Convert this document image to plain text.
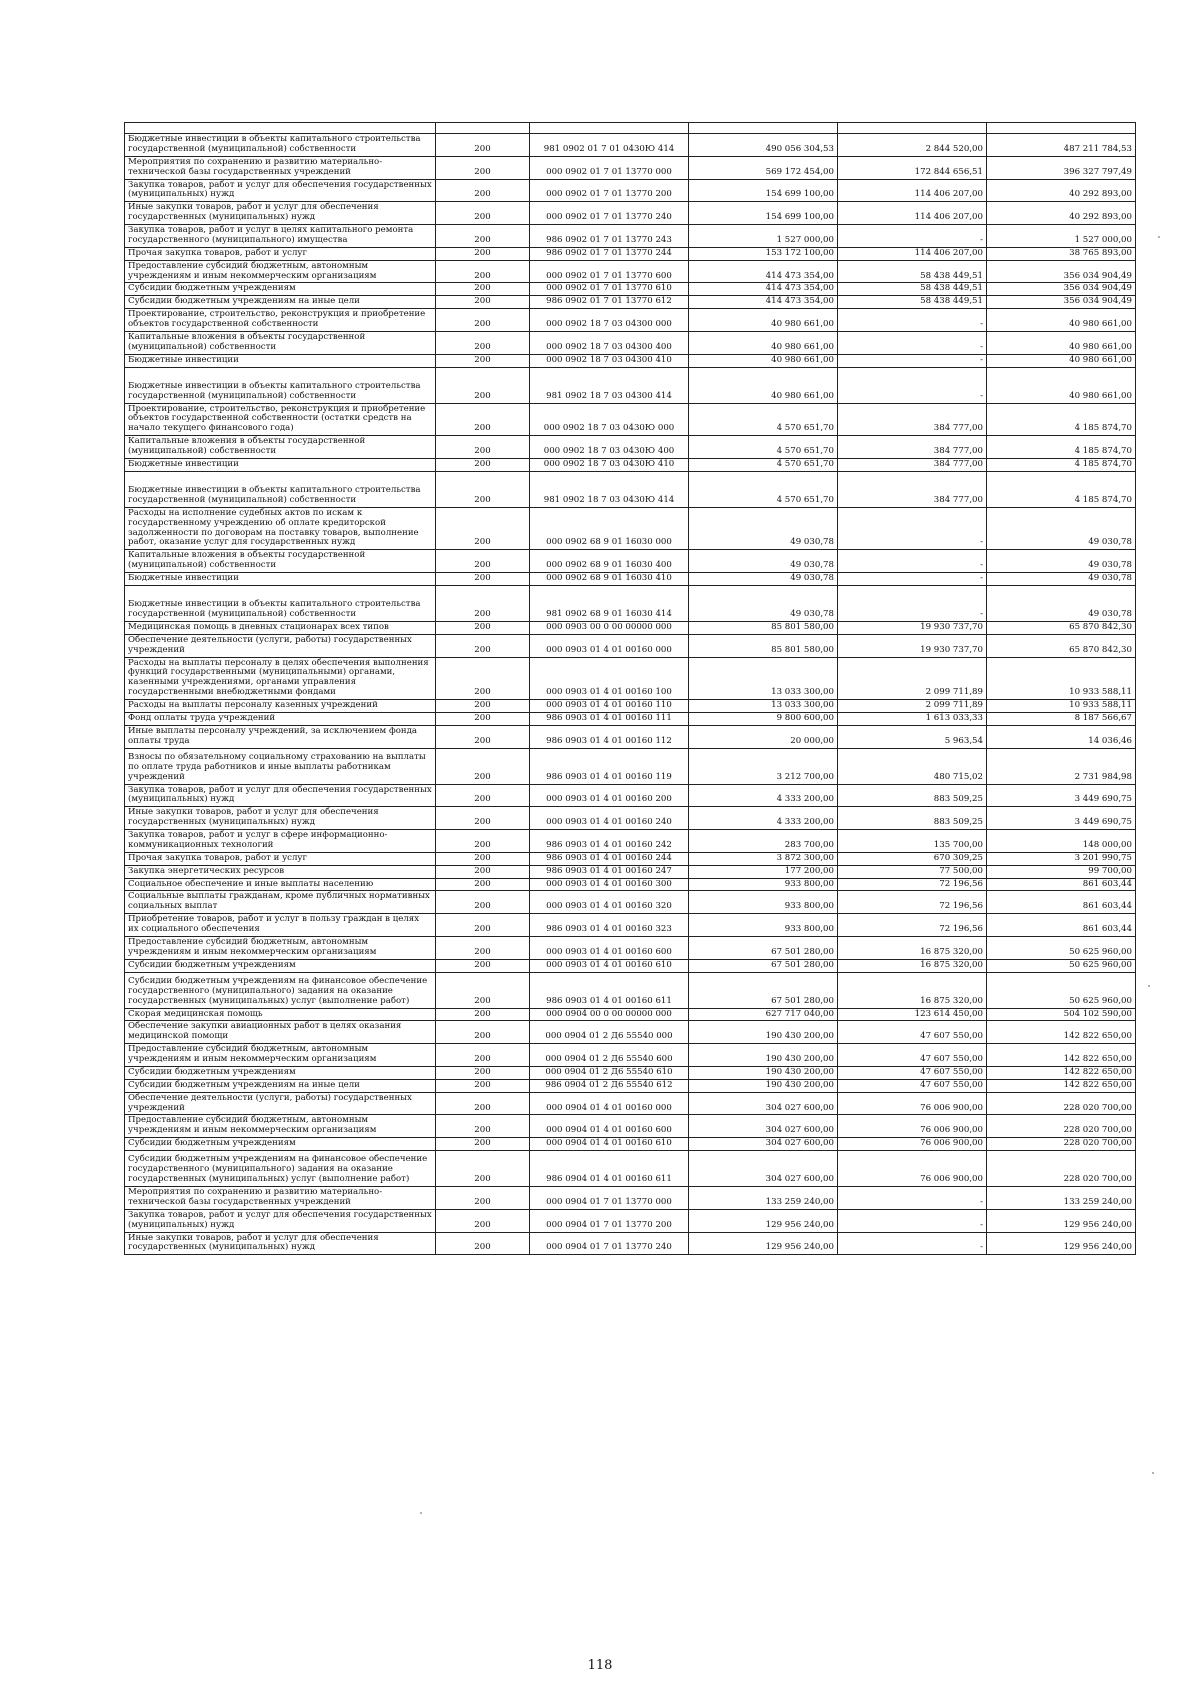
Бюджетные инвестиции в объекты капитального строительства государственной (муниципальной) собственности	200	981 0902 01 7 01 0430Ю 414	490 056 304,53	2 844 520,00	487 211 784,53
Мероприятия по сохранению и развитию материально-технической базы государственных учреждений	200	000 0902 01 7 01 13770 000	569 172 454,00	172 844 656,51	396 327 797,49
Закупка товаров, работ и услуг для обеспечения государственных (муниципальных) нужд	200	000 0902 01 7 01 13770 200	154 699 100,00	114 406 207,00	40 292 893,00
Иные закупки товаров, работ и услуг для обеспечения государственных (муниципальных) нужд	200	000 0902 01 7 01 13770 240	154 699 100,00	114 406 207,00	40 292 893,00
Закупка товаров, работ и услуг в целях капитального ремонта государственного (муниципального) имущества	200	986 0902 01 7 01 13770 243	1 527 000,00	-	1 527 000,00
Прочая закупка товаров, работ и услуг	200	986 0902 01 7 01 13770 244	153 172 100,00	114 406 207,00	38 765 893,00
Предоставление субсидий бюджетным, автономным учреждениям и иным некоммерческим организациям	200	000 0902 01 7 01 13770 600	414 473 354,00	58 438 449,51	356 034 904,49
Субсидии бюджетным учреждениям	200	000 0902 01 7 01 13770 610	414 473 354,00	58 438 449,51	356 034 904,49
Субсидии бюджетным учреждениям на иные цели	200	986 0902 01 7 01 13770 612	414 473 354,00	58 438 449,51	356 034 904,49
Проектирование, строительство, реконструкция и приобретение объектов государственной собственности	200	000 0902 18 7 03 04300 000	40 980 661,00	-	40 980 661,00
Капитальные вложения в объекты государственной (муниципальной) собственности	200	000 0902 18 7 03 04300 400	40 980 661,00	-	40 980 661,00
Бюджетные инвестиции	200	000 0902 18 7 03 04300 410	40 980 661,00	-	40 980 661,00
Бюджетные инвестиции в объекты капитального строительства государственной (муниципальной) собственности	200	981 0902 18 7 03 04300 414	40 980 661,00	-	40 980 661,00
Проектирование, строительство, реконструкция и приобретение объектов государственной собственности (остатки средств на начало текущего финансового года)	200	000 0902 18 7 03 0430Ю 000	4 570 651,70	384 777,00	4 185 874,70
Капитальные вложения в объекты государственной (муниципальной) собственности	200	000 0902 18 7 03 0430Ю 400	4 570 651,70	384 777,00	4 185 874,70
Бюджетные инвестиции	200	000 0902 18 7 03 0430Ю 410	4 570 651,70	384 777,00	4 185 874,70
Бюджетные инвестиции в объекты капитального строительства государственной (муниципальной) собственности	200	981 0902 18 7 03 0430Ю 414	4 570 651,70	384 777,00	4 185 874,70
Расходы на исполнение судебных актов по искам к государственному учреждению об оплате кредиторской задолженности по договорам на поставку товаров, выполнение работ, оказание услуг для государственных нужд	200	000 0902 68 9 01 16030 000	49 030,78	-	49 030,78
Капитальные вложения в объекты государственной (муниципальной) собственности	200	000 0902 68 9 01 16030 400	49 030,78	-	49 030,78
Бюджетные инвестиции	200	000 0902 68 9 01 16030 410	49 030,78	-	49 030,78
Бюджетные инвестиции в объекты капитального строительства государственной (муниципальной) собственности	200	981 0902 68 9 01 16030 414	49 030,78	-	49 030,78
Медицинская помощь в дневных стационарах всех типов	200	000 0903 00 0 00 00000 000	85 801 580,00	19 930 737,70	65 870 842,30
Обеспечение деятельности (услуги, работы) государственных учреждений	200	000 0903 01 4 01 00160 000	85 801 580,00	19 930 737,70	65 870 842,30
Расходы на выплаты персоналу в целях обеспечения выполнения функций государственными (муниципальными) органами, казенными учреждениями, органами управления государственными внебюджетными фондами	200	000 0903 01 4 01 00160 100	13 033 300,00	2 099 711,89	10 933 588,11
Расходы на выплаты персоналу казенных учреждений	200	000 0903 01 4 01 00160 110	13 033 300,00	2 099 711,89	10 933 588,11
Фонд оплаты труда учреждений	200	986 0903 01 4 01 00160 111	9 800 600,00	1 613 033,33	8 187 566,67
Иные выплаты персоналу учреждений, за исключением фонда оплаты труда	200	986 0903 01 4 01 00160 112	20 000,00	5 963,54	14 036,46
Взносы по обязательному социальному страхованию на выплаты по оплате труда работников и иные выплаты работникам учреждений	200	986 0903 01 4 01 00160 119	3 212 700,00	480 715,02	2 731 984,98
Закупка товаров, работ и услуг для обеспечения государственных (муниципальных) нужд	200	000 0903 01 4 01 00160 200	4 333 200,00	883 509,25	3 449 690,75
Иные закупки товаров, работ и услуг для обеспечения государственных (муниципальных) нужд	200	000 0903 01 4 01 00160 240	4 333 200,00	883 509,25	3 449 690,75
Закупка товаров, работ и услуг в сфере информационно-коммуникационных технологий	200	986 0903 01 4 01 00160 242	283 700,00	135 700,00	148 000,00
Прочая закупка товаров, работ и услуг	200	986 0903 01 4 01 00160 244	3 872 300,00	670 309,25	3 201 990,75
Закупка энергетических ресурсов	200	986 0903 01 4 01 00160 247	177 200,00	77 500,00	99 700,00
Социальное обеспечение и иные выплаты населению	200	000 0903 01 4 01 00160 300	933 800,00	72 196,56	861 603,44
Социальные выплаты гражданам, кроме публичных нормативных социальных выплат	200	000 0903 01 4 01 00160 320	933 800,00	72 196,56	861 603,44
Приобретение товаров, работ и услуг в пользу граждан в целях их социального обеспечения	200	986 0903 01 4 01 00160 323	933 800,00	72 196,56	861 603,44
Предоставление субсидий бюджетным, автономным учреждениям и иным некоммерческим организациям	200	000 0903 01 4 01 00160 600	67 501 280,00	16 875 320,00	50 625 960,00
Субсидии бюджетным учреждениям	200	000 0903 01 4 01 00160 610	67 501 280,00	16 875 320,00	50 625 960,00
Субсидии бюджетным учреждениям на финансовое обеспечение государственного (муниципального) задания на оказание государственных (муниципальных) услуг (выполнение работ)	200	986 0903 01 4 01 00160 611	67 501 280,00	16 875 320,00	50 625 960,00
Скорая медицинская помощь	200	000 0904 00 0 00 00000 000	627 717 040,00	123 614 450,00	504 102 590,00
Обеспечение закупки авиационных работ в целях оказания медицинской помощи	200	000 0904 01 2 Д6 55540 000	190 430 200,00	47 607 550,00	142 822 650,00
Предоставление субсидий бюджетным, автономным учреждениям и иным некоммерческим организациям	200	000 0904 01 2 Д6 55540 600	190 430 200,00	47 607 550,00	142 822 650,00
Субсидии бюджетным учреждениям	200	000 0904 01 2 Д6 55540 610	190 430 200,00	47 607 550,00	142 822 650,00
Субсидии бюджетным учреждениям на иные цели	200	986 0904 01 2 Д6 55540 612	190 430 200,00	47 607 550,00	142 822 650,00
Обеспечение деятельности (услуги, работы) государственных учреждений	200	000 0904 01 4 01 00160 000	304 027 600,00	76 006 900,00	228 020 700,00
Предоставление субсидий бюджетным, автономным учреждениям и иным некоммерческим организациям	200	000 0904 01 4 01 00160 600	304 027 600,00	76 006 900,00	228 020 700,00
Субсидии бюджетным учреждениям	200	000 0904 01 4 01 00160 610	304 027 600,00	76 006 900,00	228 020 700,00
Субсидии бюджетным учреждениям на финансовое обеспечение государственного (муниципального) задания на оказание государственных (муниципальных) услуг (выполнение работ)	200	986 0904 01 4 01 00160 611	304 027 600,00	76 006 900,00	228 020 700,00
Мероприятия по сохранению и развитию материально-технической базы государственных учреждений	200	000 0904 01 7 01 13770 000	133 259 240,00	-	133 259 240,00
Закупка товаров, работ и услуг для обеспечения государственных (муниципальных) нужд	200	000 0904 01 7 01 13770 200	129 956 240,00	-	129 956 240,00
Иные закупки товаров, работ и услуг для обеспечения государственных (муниципальных) нужд	200	000 0904 01 7 01 13770 240	129 956 240,00	-	129 956 240,00
118
